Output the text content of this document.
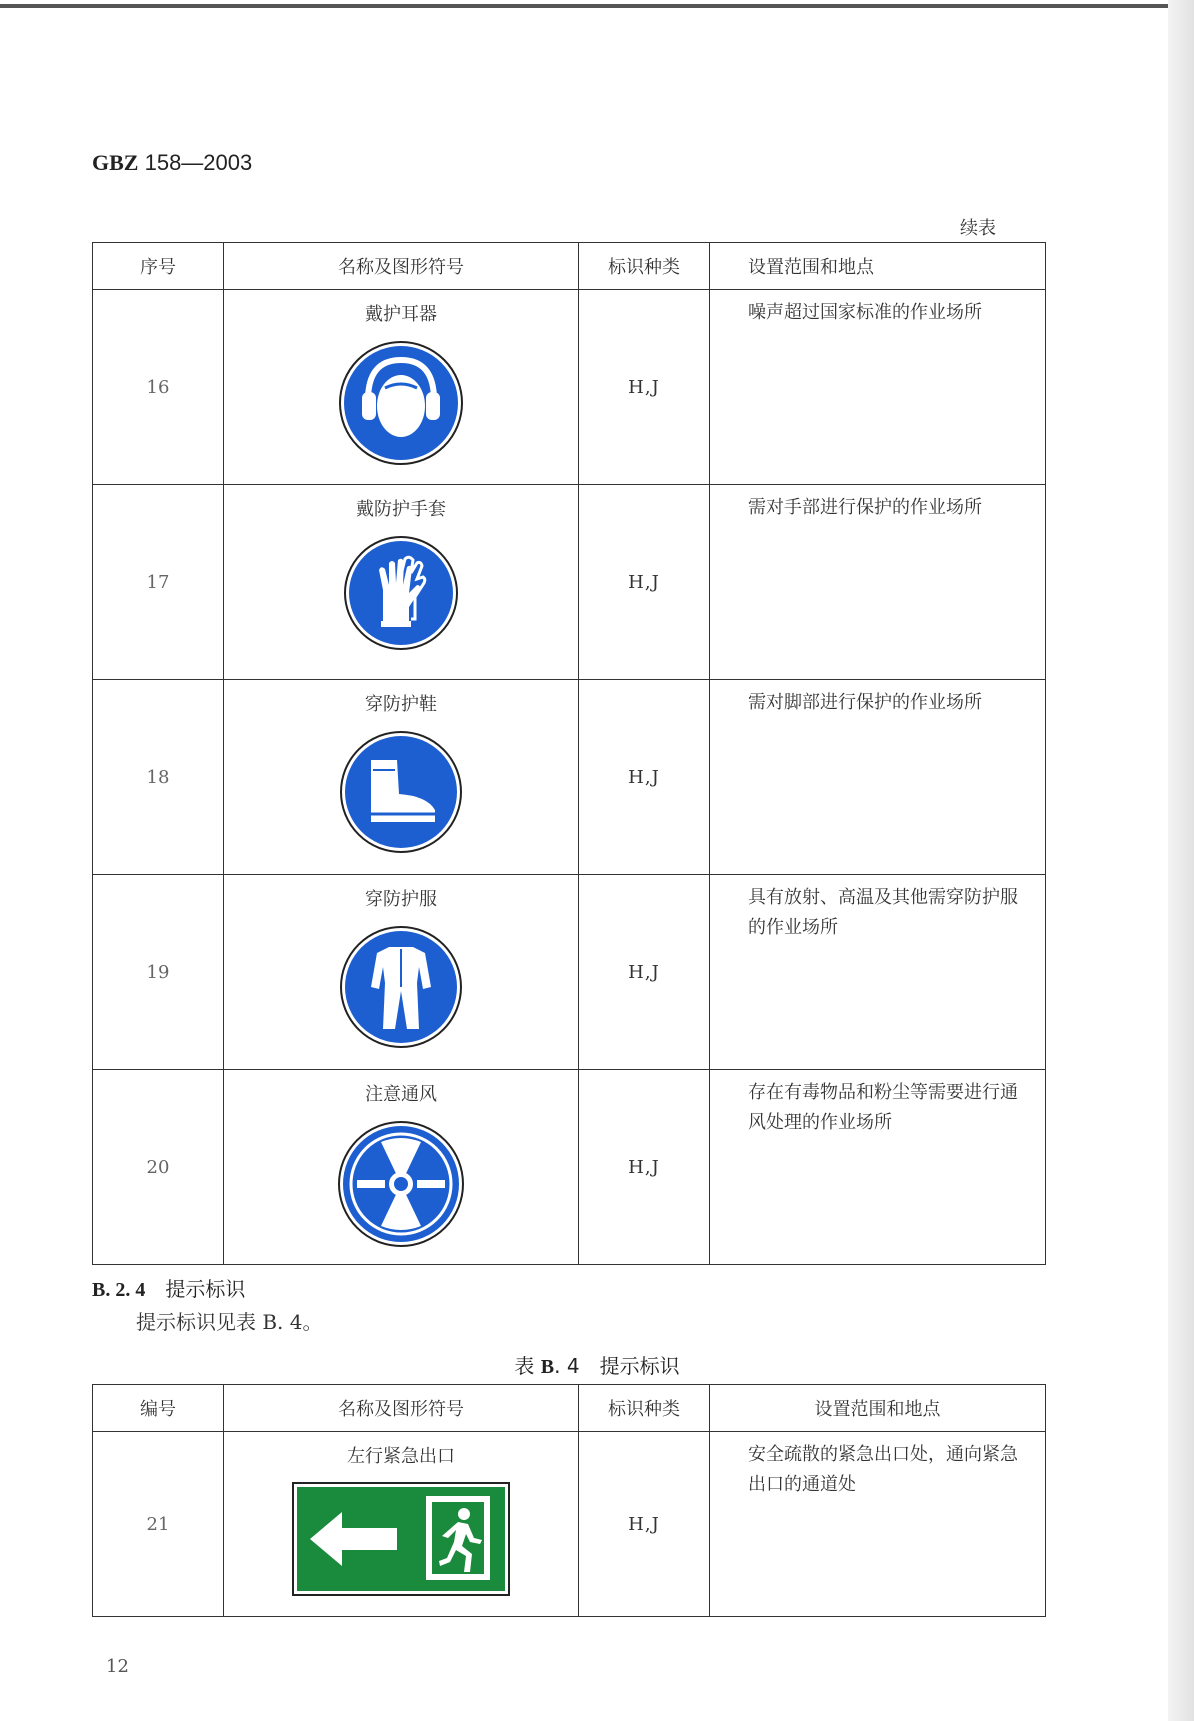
GBZ 158—2003
续表
序号	名称及图形符号	标识种类	设置范围和地点
16	戴护耳器	H,J	噪声超过国家标准的作业场所
17	戴防护手套	H,J	需对手部进行保护的作业场所
18	穿防护鞋	H,J	需对脚部进行保护的作业场所
19	穿防护服	H,J	具有放射、高温及其他需穿防护服的作业场所
20	注意通风	H,J	存在有毒物品和粉尘等需要进行通风处理的作业场所
B. 2. 4　 提示标识
提示标识见表 B. 4。
表 B. 4　提示标识
编号	名称及图形符号	标识种类	设置范围和地点
21	左行紧急出口	H,J	安全疏散的紧急出口处，通向紧急出口的通道处
12
